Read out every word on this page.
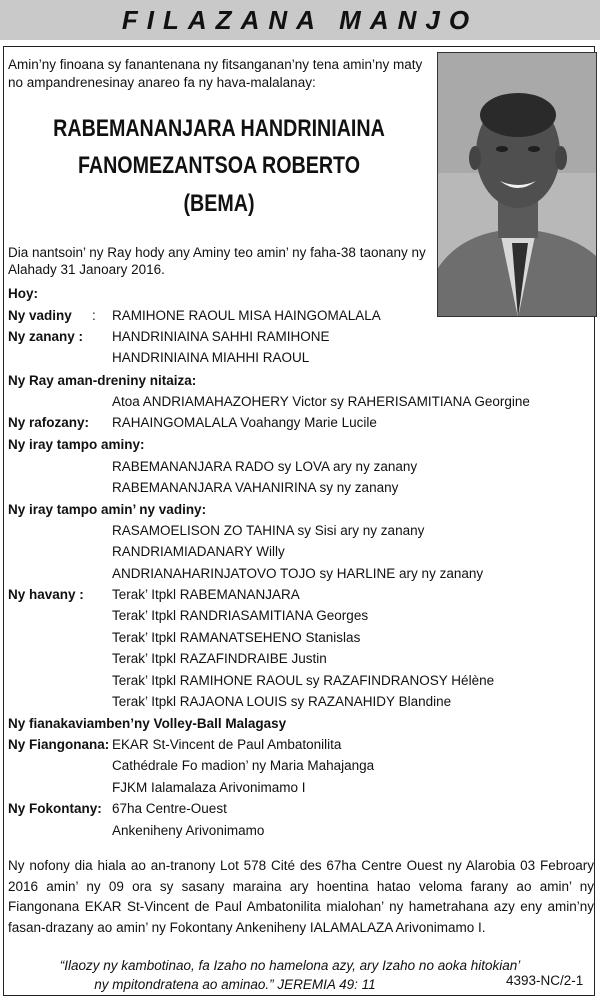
FILAZANA MANJO
Amin’ny finoana sy fanantenana ny fitsanganan’ny tena amin’ny maty no ampandrenesinay anareo fa ny hava-malalanay:
RABEMANANJARA HANDRINIAINA
FANOMEZANTSOA ROBERTO
(BEMA)
Dia nantsoin’ ny Ray hody any Aminy teo amin’ ny faha-38 taonany ny Alahady 31 Janoary 2016.
Hoy:
Ny vadiny : RAMIHONE RAOUL MISA HAINGOMALALA
Ny zanany : HANDRINIAINA SAHHI RAMIHONE
HANDRINIAINA MIAHHI RAOUL
Ny Ray aman-dreniny nitaiza:
Atoa ANDRIAMAHAZOHERY Victor sy RAHERISAMITIANA Georgine
Ny rafozany: RAHAINGOMALALA Voahangy Marie Lucile
Ny iray tampo aminy:
RABEMANANJARA RADO sy LOVA ary ny zanany
RABEMANANJARA VAHANIRINA sy ny zanany
Ny iray tampo amin’ ny vadiny:
RASAMOELISON ZO TAHINA sy Sisi ary ny zanany
RANDRIAMIADANARY Willy
ANDRIANAHARINJATOVO TOJO sy HARLINE ary ny zanany
Ny havany : Terak’ Itpkl RABEMANANJARA
Terak’ Itpkl RANDRIASAMITIANA Georges
Terak’ Itpkl RAMANATSEHENO Stanislas
Terak’ Itpkl RAZAFINDRAIBE Justin
Terak’ Itpkl RAMIHONE RAOUL sy RAZAFINDRANOSY Hélène
Terak’ Itpkl RAJAONA LOUIS sy RAZANAHIDY Blandine
Ny fianakaviamben’ny Volley-Ball Malagasy
Ny Fiangonana: EKAR St-Vincent de Paul Ambatonilita
Cathédrale Fo madion’ ny Maria Mahajanga
FJKM Ialamalaza Arivonimamo I
Ny Fokontany: 67ha Centre-Ouest
Ankeniheny Arivonimamo
Ny nofony dia hiala ao an-tranony Lot 578 Cité des 67ha Centre Ouest ny Alarobia 03 Febroary 2016 amin’ ny 09 ora sy sasany maraina ary hoentina hatao veloma farany ao amin’ ny Fiangonana EKAR St-Vincent de Paul Ambatonilita mialohan’ ny hametrahana azy eny amin’ny fasan-drazany ao amin’ ny Fokontany Ankeniheny IALAMALAZA Arivonimamo I.
“Ilaozy ny kambotinao, fa Izaho no hamelona azy, ary Izaho no aoka hitokian’
ny mpitondratena ao aminao.” JEREMIA 49: 11	4393-NC/2-1
